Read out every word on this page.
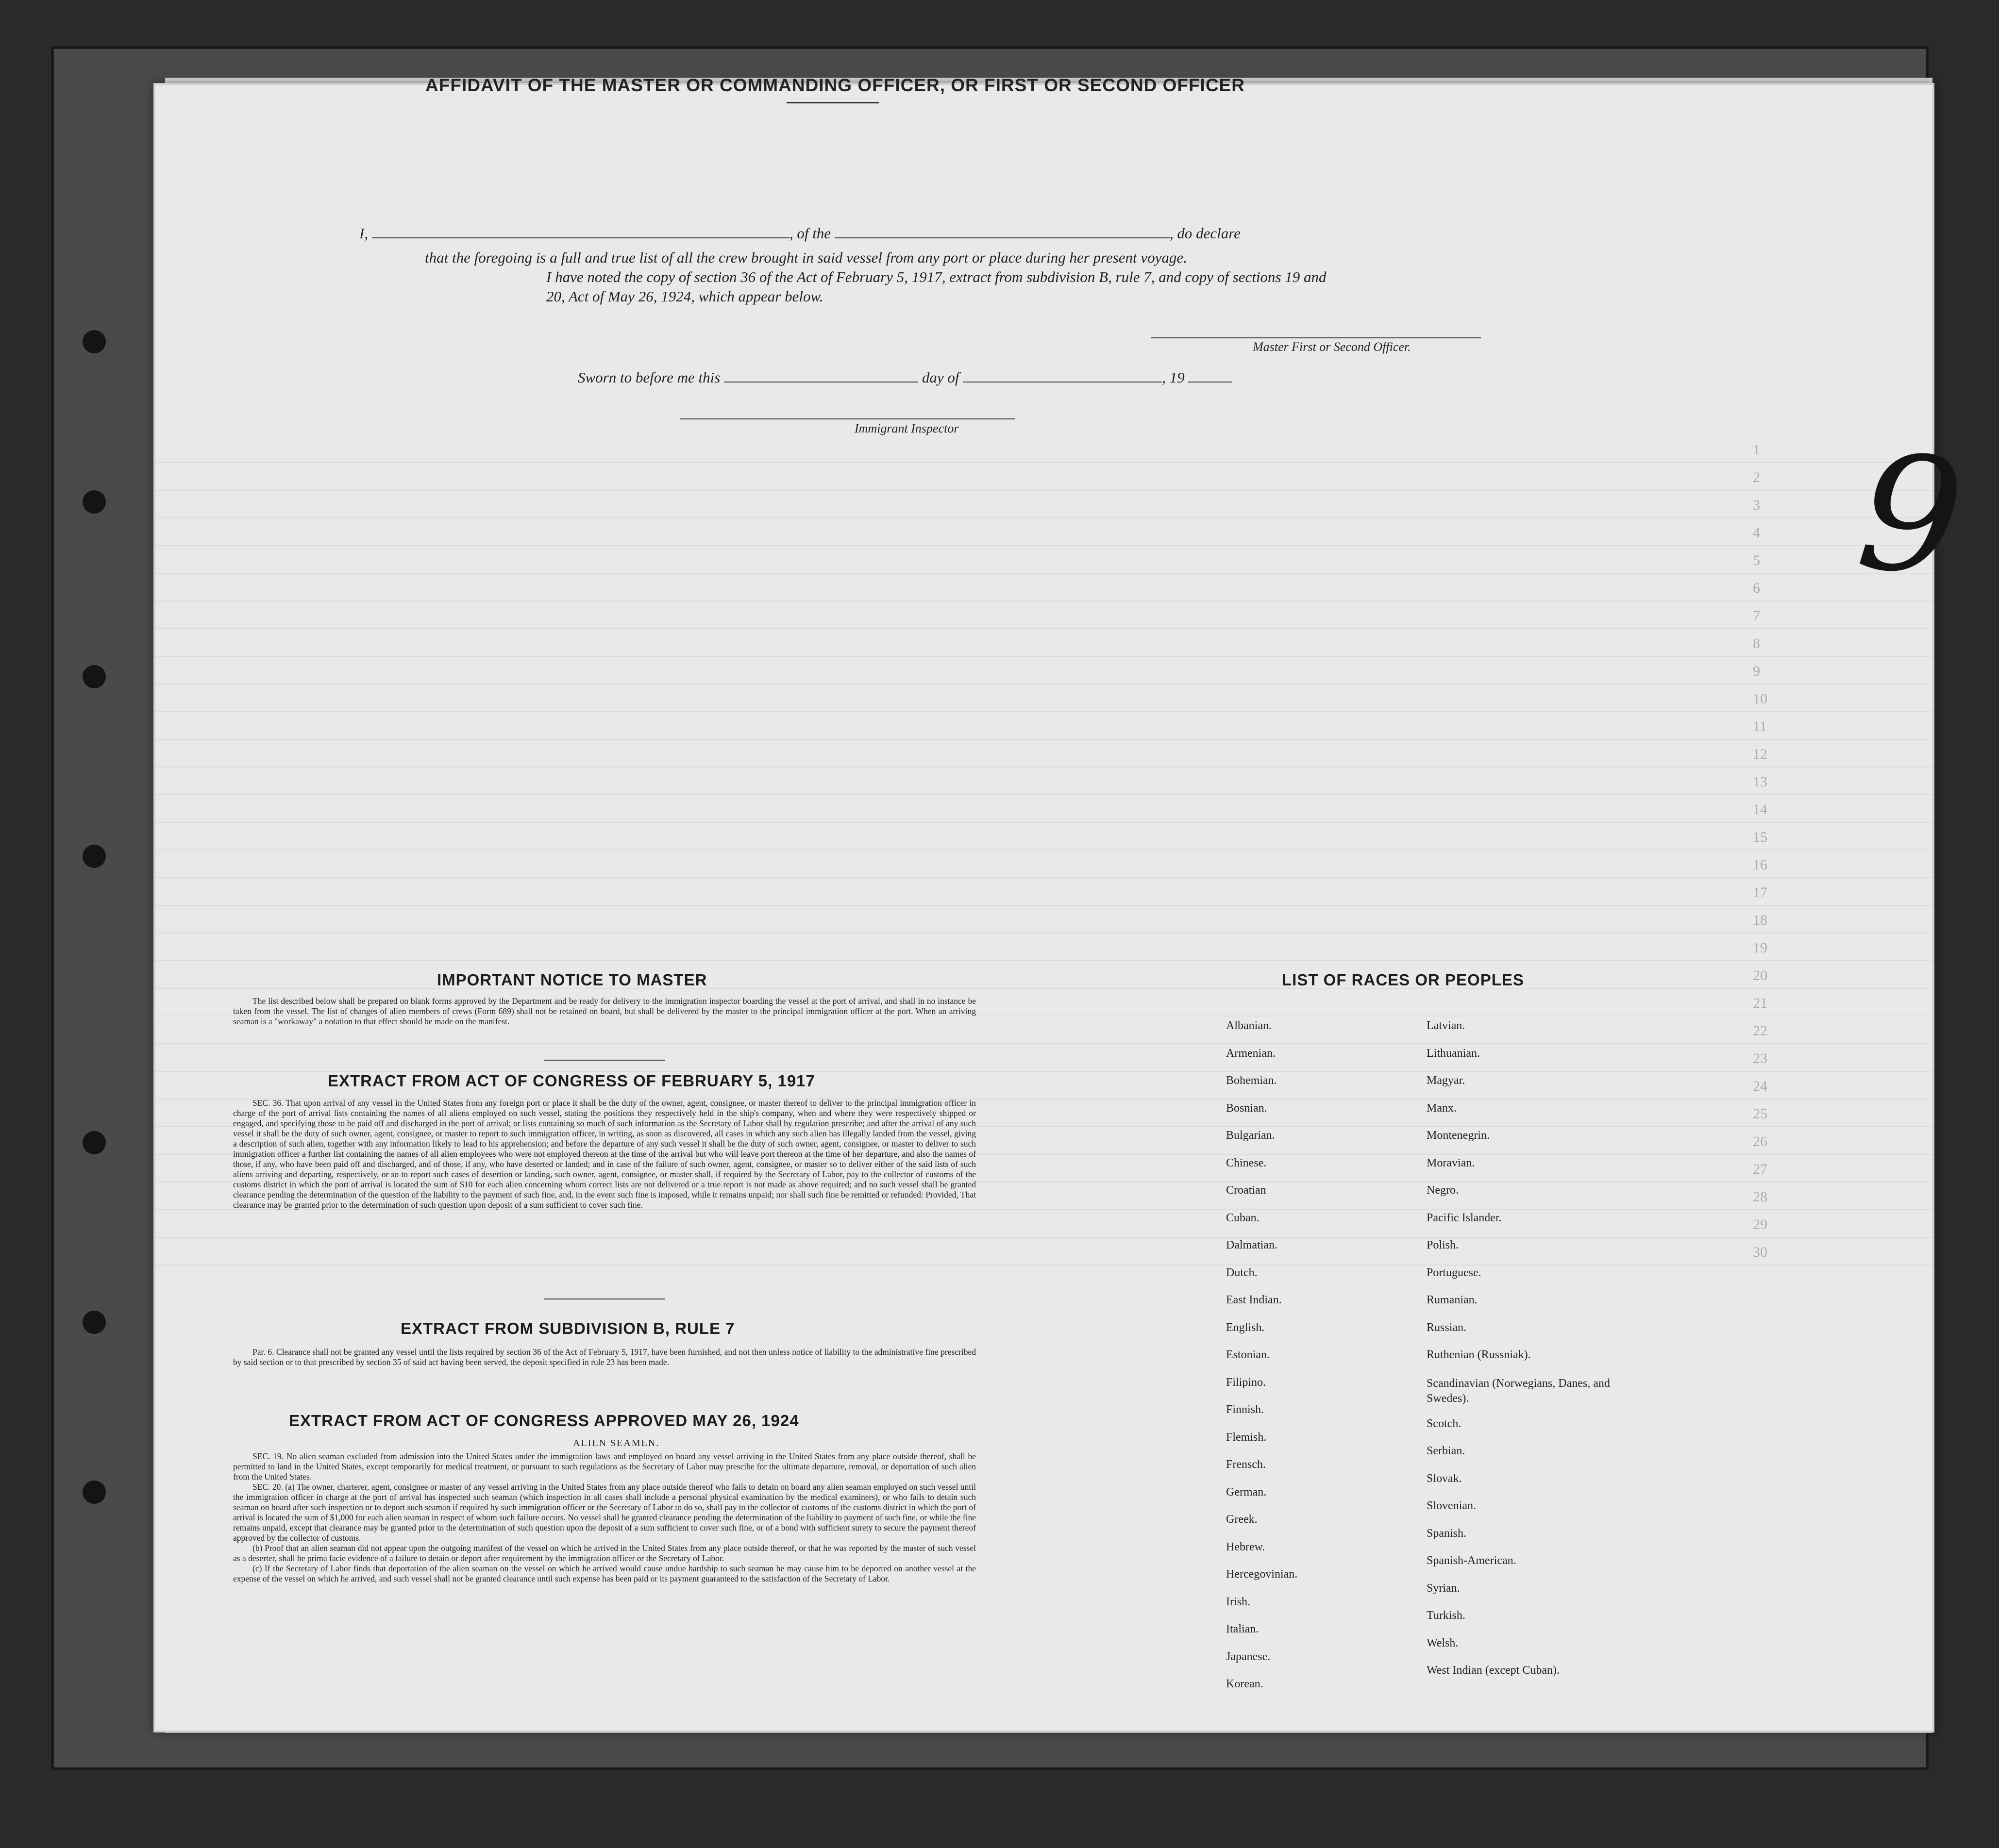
1
2
3
4
5
6
7
8
9
10
11
12
13
14
15
16
17
18
19
20
21
22
23
24
25
26
27
28
29
30
AFFIDAVIT OF THE MASTER OR COMMANDING OFFICER, OR FIRST OR SECOND OFFICER
I,	, of the	, do declare
that the foregoing is a full and true list of all the crew brought in said vessel from any port or place during her present voyage.
I have noted the copy of section 36 of the Act of February 5, 1917, extract from subdivision B, rule 7, and copy of sections 19 and
20, Act of May 26, 1924, which appear below.
Master First or Second Officer.
Sworn to before me this	day of	, 19
Immigrant Inspector
IMPORTANT NOTICE TO MASTER
The list described below shall be prepared on blank forms approved by the Department and be ready for delivery to the immigration inspector boarding the vessel at the port of arrival, and shall in no instance be taken from the vessel. The list of changes of alien members of crews (Form 689) shall not be retained on board, but shall be delivered by the master to the principal immigration officer at the port. When an arriving seaman is a "workaway" a notation to that effect should be made on the manifest.
EXTRACT FROM ACT OF CONGRESS OF FEBRUARY 5, 1917
SEC. 36. That upon arrival of any vessel in the United States from any foreign port or place it shall be the duty of the owner, agent, consignee, or master thereof to deliver to the principal immigration officer in charge of the port of arrival lists containing the names of all aliens employed on such vessel, stating the positions they respectively held in the ship's company, when and where they were respectively shipped or engaged, and specifying those to be paid off and discharged in the port of arrival; or lists containing so much of such information as the Secretary of Labor shall by regulation prescribe; and after the arrival of any such vessel it shall be the duty of such owner, agent, consignee, or master to report to such immigration officer, in writing, as soon as discovered, all cases in which any such alien has illegally landed from the vessel, giving a description of such alien, together with any information likely to lead to his apprehension; and before the departure of any such vessel it shall be the duty of such owner, agent, consignee, or master to deliver to such immigration officer a further list containing the names of all alien employees who were not employed thereon at the time of the arrival but who will leave port thereon at the time of her departure, and also the names of those, if any, who have been paid off and discharged, and of those, if any, who have deserted or landed; and in case of the failure of such owner, agent, consignee, or master so to deliver either of the said lists of such aliens arriving and departing, respectively, or so to report such cases of desertion or landing, such owner, agent, consignee, or master shall, if required by the Secretary of Labor, pay to the collector of customs of the customs district in which the port of arrival is located the sum of $10 for each alien concerning whom correct lists are not delivered or a true report is not made as above required; and no such vessel shall be granted clearance pending the determination of the question of the liability to the payment of such fine, and, in the event such fine is imposed, while it remains unpaid; nor shall such fine be remitted or refunded: Provided, That clearance may be granted prior to the determination of such question upon deposit of a sum sufficient to cover such fine.
EXTRACT FROM SUBDIVISION B, RULE 7
Par. 6. Clearance shall not be granted any vessel until the lists required by section 36 of the Act of February 5, 1917, have been furnished, and not then unless notice of liability to the administrative fine prescribed by said section or to that prescribed by section 35 of said act having been served, the deposit specified in rule 23 has been made.
EXTRACT FROM ACT OF CONGRESS APPROVED MAY 26, 1924
ALIEN SEAMEN.

SEC. 19. No alien seaman excluded from admission into the United States under the immigration laws and employed on board any vessel arriving in the United States from any place outside thereof, shall be permitted to land in the United States, except temporarily for medical treatment, or pursuant to such regulations as the Secretary of Labor may prescibe for the ultimate departure, removal, or deportation of such alien from the United States.

SEC. 20. (a) The owner, charterer, agent, consignee or master of any vessel arriving in the United States from any place outside thereof who fails to detain on board any alien seaman employed on such vessel until the immigration officer in charge at the port of arrival has inspected such seaman (which inspection in all cases shall include a personal physical examination by the medical examiners), or who fails to detain such seaman on board after such inspection or to deport such seaman if required by such immigration officer or the Secretary of Labor to do so, shall pay to the collector of customs of the customs district in which the port of arrival is located the sum of $1,000 for each alien seaman in respect of whom such failure occurs. No vessel shall be granted clearance pending the determination of the liability to payment of such fine, or while the fine remains unpaid, except that clearance may be granted prior to the determination of such question upon the deposit of a sum sufficient to cover such fine, or of a bond with sufficient surety to secure the payment thereof approved by the collector of customs.

(b) Proof that an alien seaman did not appear upon the outgoing manifest of the vessel on which he arrived in the United States from any place outside thereof, or that he was reported by the master of such vessel as a deserter, shall be prima facie evidence of a failure to detain or deport after requirement by the immigration officer or the Secretary of Labor.

(c) If the Secretary of Labor finds that deportation of the alien seaman on the vessel on which he arrived would cause undue hardship to such seaman he may cause him to be deported on another vessel at the expense of the vessel on which he arrived, and such vessel shall not be granted clearance until such expense has been paid or its payment guaranteed to the satisfaction of the Secretary of Labor.

LIST OF RACES OR PEOPLES
Albanian.
Armenian.
Bohemian.
Bosnian.
Bulgarian.
Chinese.
Croatian
Cuban.
Dalmatian.
Dutch.
East Indian.
English.
Estonian.
Filipino.
Finnish.
Flemish.
Frensch.
German.
Greek.
Hebrew.
Hercegovinian.
Irish.
Italian.
Japanese.
Korean.
Latvian.
Lithuanian.
Magyar.
Manx.
Montenegrin.
Moravian.
Negro.
Pacific Islander.
Polish.
Portuguese.
Rumanian.
Russian.
Ruthenian (Russniak).
Scandinavian (Norwegians, Danes, and Swedes).
Scotch.
Serbian.
Slovak.
Slovenian.
Spanish.
Spanish-American.
Syrian.
Turkish.
Welsh.
West Indian (except Cuban).
9
